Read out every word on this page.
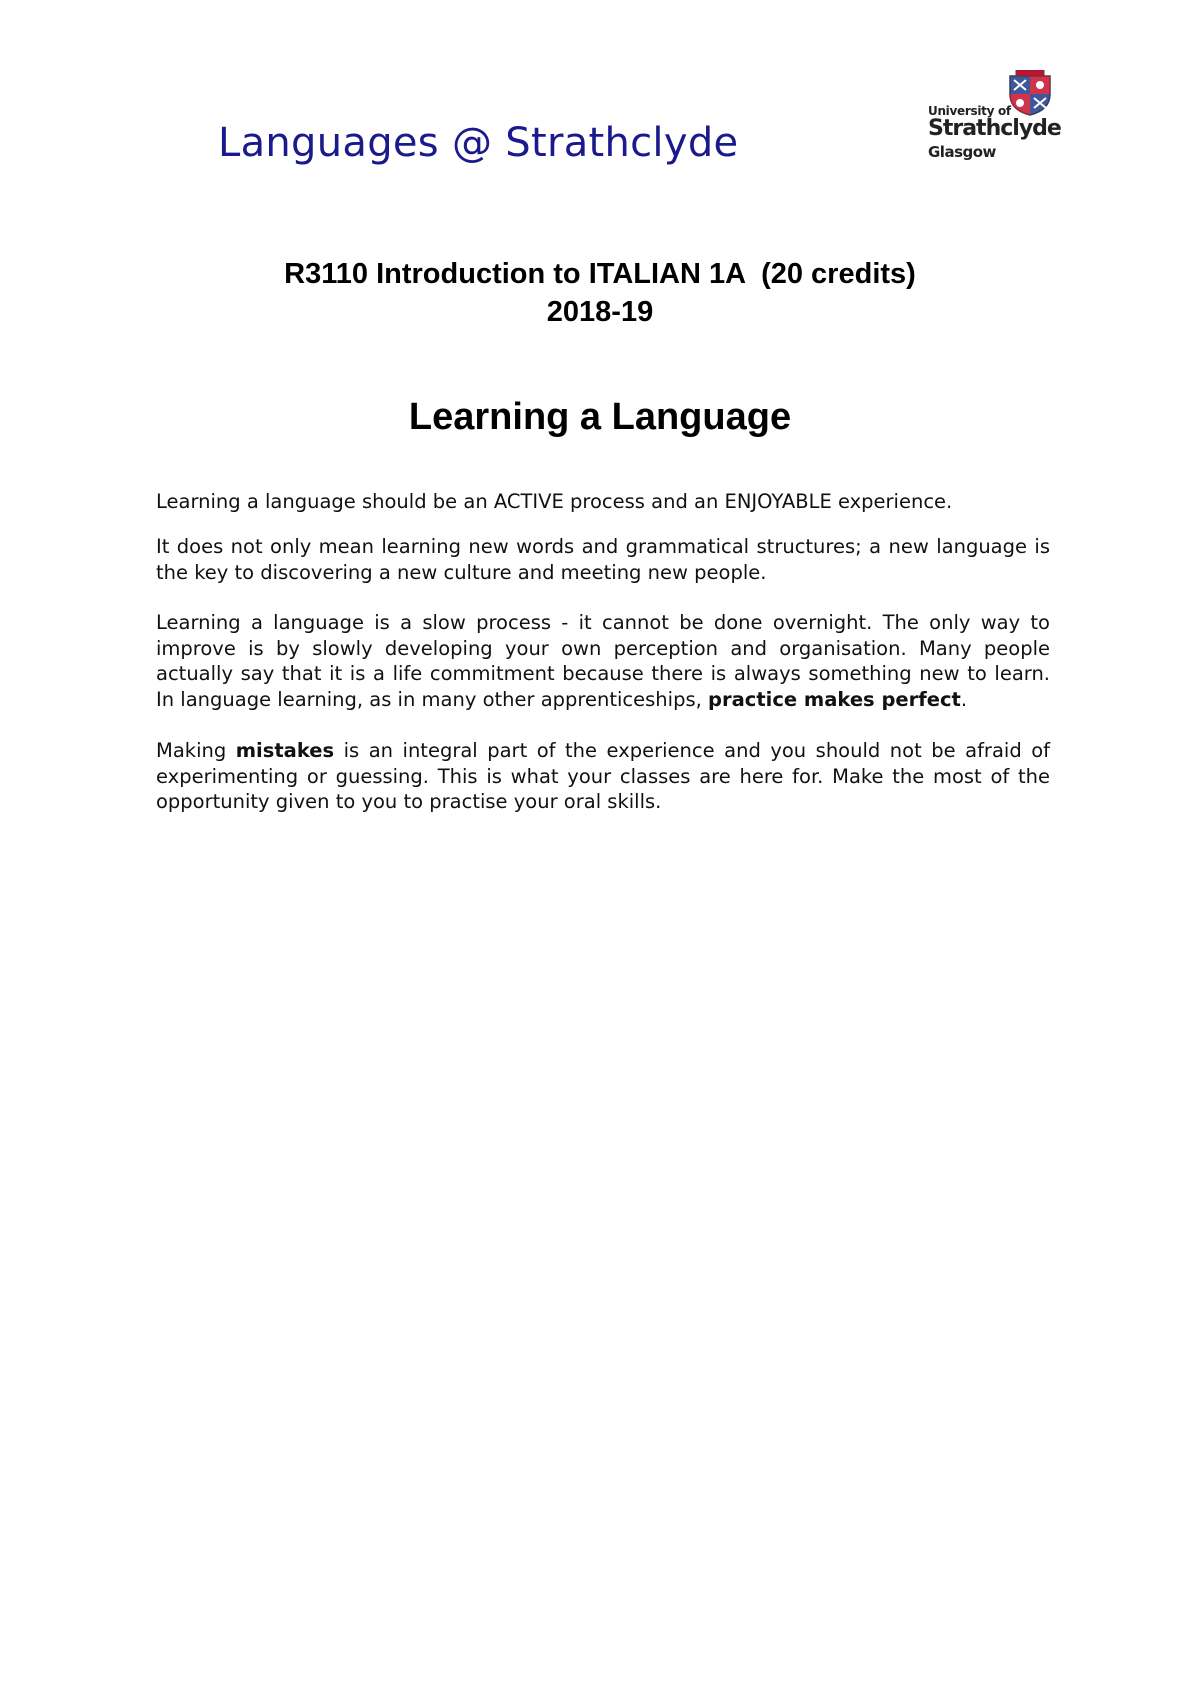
Languages @ Strathclyde
University of
Strathclyde
Glasgow
R3110 Introduction to ITALIAN 1A  (20 credits)
2018-19
Learning a Language
Learning a language should be an ACTIVE process and an ENJOYABLE experience.
It does not only mean learning new words and grammatical structures; a new language is the key to discovering a new culture and meeting new people.
Learning a language is a slow process - it cannot be done overnight. The only way to improve is by slowly developing your own perception and organisation. Many people actually say that it is a life commitment because there is always something new to learn. In language learning, as in many other apprenticeships, practice makes perfect.
Making mistakes is an integral part of the experience and you should not be afraid of experimenting or guessing. This is what your classes are here for. Make the most of the opportunity given to you to practise your oral skills.
